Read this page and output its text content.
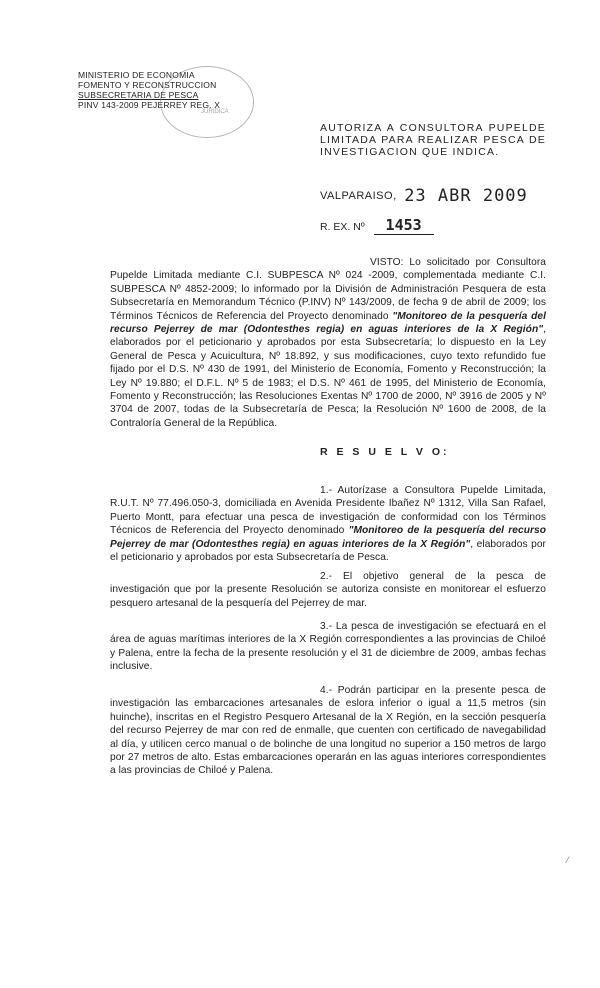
MINISTERIO DE ECONOMIA
FOMENTO Y RECONSTRUCCION
SUBSECRETARIA DE PESCA
PINV 143-2009 PEJERREY REG. X
JURIDICA
AUTORIZA A CONSULTORA PUPELDE LIMITADA PARA REALIZAR PESCA DE INVESTIGACION QUE INDICA.
VALPARAISO, 23 ABR 2009
R. EX. Nº 1453
VISTO: Lo solicitado por Consultora Pupelde Limitada mediante C.I. SUBPESCA Nº 024 -2009, complementada mediante C.I. SUBPESCA Nº 4852-2009; lo informado por la División de Administración Pesquera de esta Subsecretaría en Memorandum Técnico (P.INV) Nº 143/2009, de fecha 9 de abril de 2009; los Términos Técnicos de Referencia del Proyecto denominado "Monitoreo de la pesquería del recurso Pejerrey de mar (Odontesthes regia) en aguas interiores de la X Región", elaborados por el peticionario y aprobados por esta Subsecretaría; lo dispuesto en la Ley General de Pesca y Acuicultura, Nº 18.892, y sus modificaciones, cuyo texto refundido fue fijado por el D.S. Nº 430 de 1991, del Ministerio de Economía, Fomento y Reconstrucción; la Ley Nº 19.880; el D.F.L. Nº 5 de 1983; el D.S. Nº 461 de 1995, del Ministerio de Economía, Fomento y Reconstrucción; las Resoluciones Exentas Nº 1700 de 2000, Nº 3916 de 2005 y Nº 3704 de 2007, todas de la Subsecretaría de Pesca; la Resolución Nº 1600 de 2008, de la Contraloría General de la República.
R E S U E L V O:
1.- Autorízase a Consultora Pupelde Limitada, R.U.T. Nº 77.496.050-3, domiciliada en Avenida Presidente Ibañez Nº 1312, Villa San Rafael, Puerto Montt, para efectuar una pesca de investigación de conformidad con los Términos Técnicos de Referencia del Proyecto denominado "Monitoreo de la pesquería del recurso Pejerrey de mar (Odontesthes regia) en aguas interiores de la X Región", elaborados por el peticionario y aprobados por esta Subsecretaría de Pesca.
2.- El objetivo general de la pesca de investigación que por la presente Resolución se autoriza consiste en monitorear el esfuerzo pesquero artesanal de la pesquería del Pejerrey de mar.
3.- La pesca de investigación se efectuará en el área de aguas marítimas interiores de la X Región correspondientes a las provincias de Chiloé y Palena, entre la fecha de la presente resolución y el 31 de diciembre de 2009, ambas fechas inclusive.
4.- Podrán participar en la presente pesca de investigación las embarcaciones artesanales de eslora inferior o igual a 11,5 metros (sin huinche), inscritas en el Registro Pesquero Artesanal de la X Región, en la sección pesquería del recurso Pejerrey de mar con red de enmalle, que cuenten con certificado de navegabilidad al día, y utilicen cerco manual o de bolinche de una longitud no superior a 150 metros de largo por 27 metros de alto. Estas embarcaciones operarán en las aguas interiores correspondientes a las provincias de Chiloé y Palena.
⁄
